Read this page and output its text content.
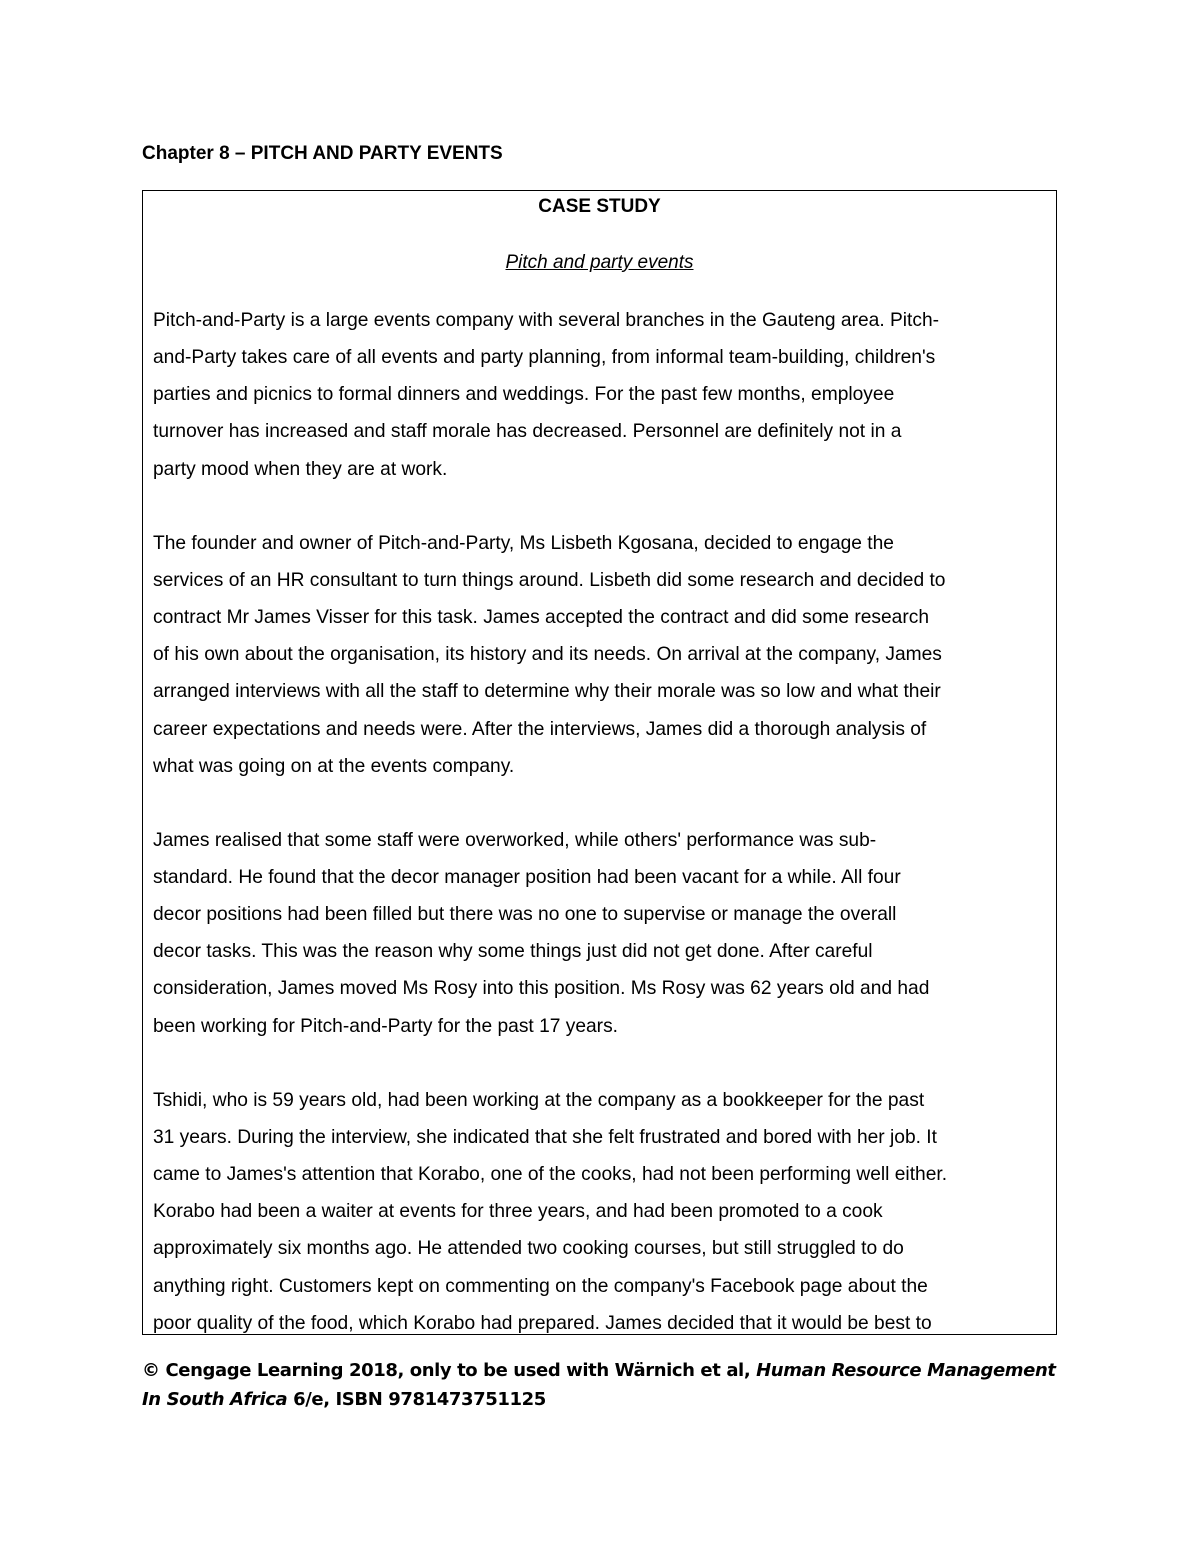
Chapter 8 – PITCH AND PARTY EVENTS
CASE STUDY
Pitch and party events
Pitch-and-Party is a large events company with several branches in the Gauteng area. Pitch-
and-Party takes care of all events and party planning, from informal team-building, children's
parties and picnics to formal dinners and weddings. For the past few months, employee
turnover has increased and staff morale has decreased. Personnel are definitely not in a
party mood when they are at work.
The founder and owner of Pitch-and-Party, Ms Lisbeth Kgosana, decided to engage the
services of an HR consultant to turn things around. Lisbeth did some research and decided to
contract Mr James Visser for this task. James accepted the contract and did some research
of his own about the organisation, its history and its needs. On arrival at the company, James
arranged interviews with all the staff to determine why their morale was so low and what their
career expectations and needs were. After the interviews, James did a thorough analysis of
what was going on at the events company.
James realised that some staff were overworked, while others' performance was sub-
standard. He found that the decor manager position had been vacant for a while. All four
decor positions had been filled but there was no one to supervise or manage the overall
decor tasks. This was the reason why some things just did not get done. After careful
consideration, James moved Ms Rosy into this position. Ms Rosy was 62 years old and had
been working for Pitch-and-Party for the past 17 years.
Tshidi, who is 59 years old, had been working at the company as a bookkeeper for the past
31 years. During the interview, she indicated that she felt frustrated and bored with her job. It
came to James's attention that Korabo, one of the cooks, had not been performing well either.
Korabo had been a waiter at events for three years, and had been promoted to a cook
approximately six months ago. He attended two cooking courses, but still struggled to do
anything right. Customers kept on commenting on the company's Facebook page about the
poor quality of the food, which Korabo had prepared. James decided that it would be best to
© Cengage Learning 2018, only to be used with Wärnich et al, Human Resource Management In South Africa 6/e, ISBN 9781473751125
